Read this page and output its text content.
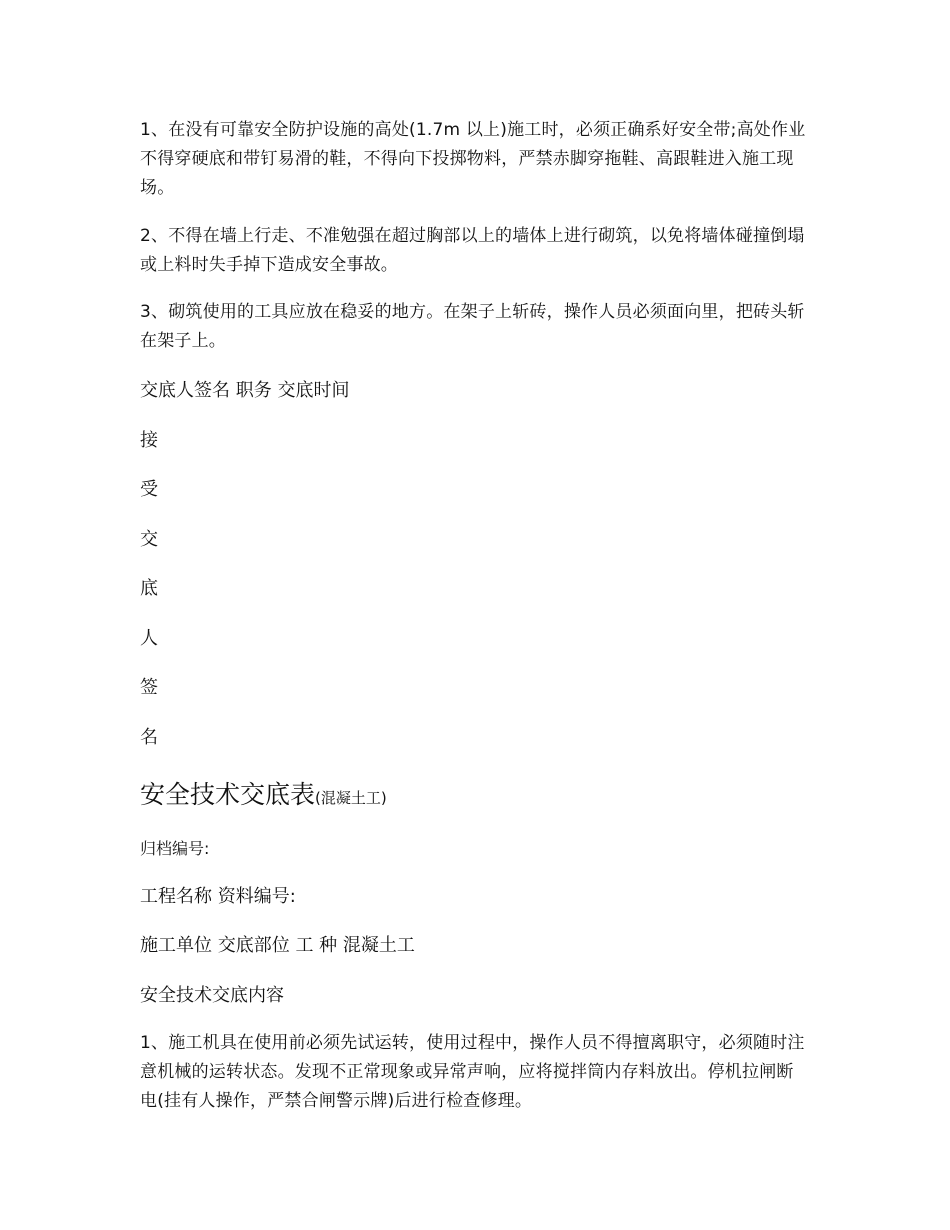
1、在没有可靠安全防护设施的高处(1.7m 以上)施工时，必须正确系好安全带;高处作业不得穿硬底和带钉易滑的鞋，不得向下投掷物料，严禁赤脚穿拖鞋、高跟鞋进入施工现场。

2、不得在墙上行走、不准勉强在超过胸部以上的墙体上进行砌筑，以免将墙体碰撞倒塌或上料时失手掉下造成安全事故。

3、砌筑使用的工具应放在稳妥的地方。在架子上斩砖，操作人员必须面向里，把砖头斩在架子上。

交底人签名 职务 交底时间

接

受

交

底

人

签

名

安全技术交底表(混凝土工)

归档编号:

工程名称 资料编号:

施工单位 交底部位 工 种 混凝土工

安全技术交底内容

1、施工机具在使用前必须先试运转，使用过程中，操作人员不得擅离职守，必须随时注意机械的运转状态。发现不正常现象或异常声响，应将搅拌筒内存料放出。停机拉闸断电(挂有人操作，严禁合闸警示牌)后进行检查修理。
